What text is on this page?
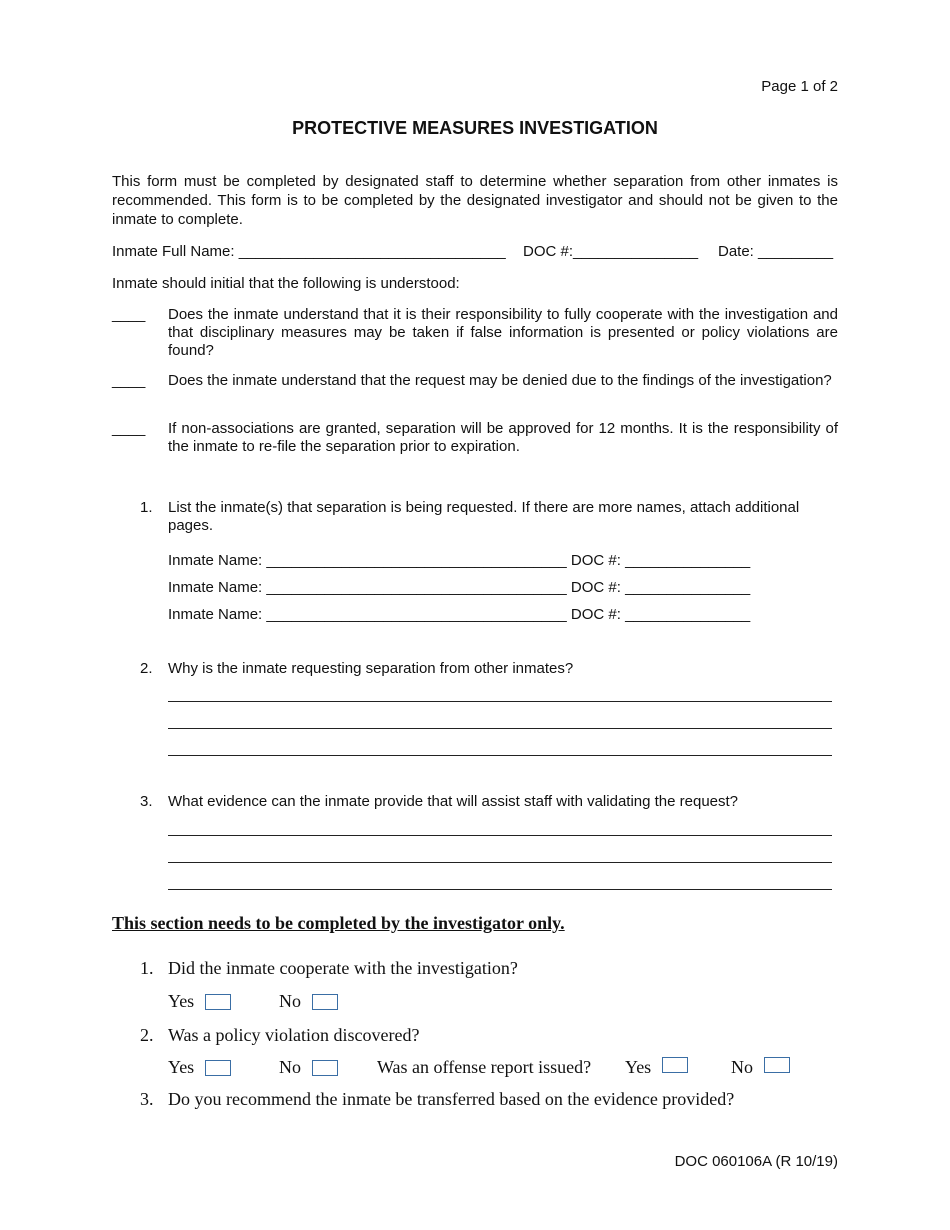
Page 1 of 2
PROTECTIVE MEASURES INVESTIGATION
This form must be completed by designated staff to determine whether separation from other inmates is recommended. This form is to be completed by the designated investigator and should not be given to the inmate to complete.
Inmate Full Name: ________________________________ DOC #:_______________ Date: _________
Inmate should initial that the following is understood:
____ Does the inmate understand that it is their responsibility to fully cooperate with the investigation and that disciplinary measures may be taken if false information is presented or policy violations are found?
____ Does the inmate understand that the request may be denied due to the findings of the investigation?
____ If non-associations are granted, separation will be approved for 12 months. It is the responsibility of the inmate to re-file the separation prior to expiration.
1. List the inmate(s) that separation is being requested. If there are more names, attach additional pages.
Inmate Name: ____________________________________ DOC #: _______________
Inmate Name: ____________________________________ DOC #: _______________
Inmate Name: ____________________________________ DOC #: _______________
2. Why is the inmate requesting separation from other inmates?
3. What evidence can the inmate provide that will assist staff with validating the request?
This section needs to be completed by the investigator only.
1. Did the inmate cooperate with the investigation?
Yes	No
2. Was a policy violation discovered?
Yes	No	Was an offense report issued? Yes	No
3. Do you recommend the inmate be transferred based on the evidence provided?
DOC 060106A (R 10/19)
